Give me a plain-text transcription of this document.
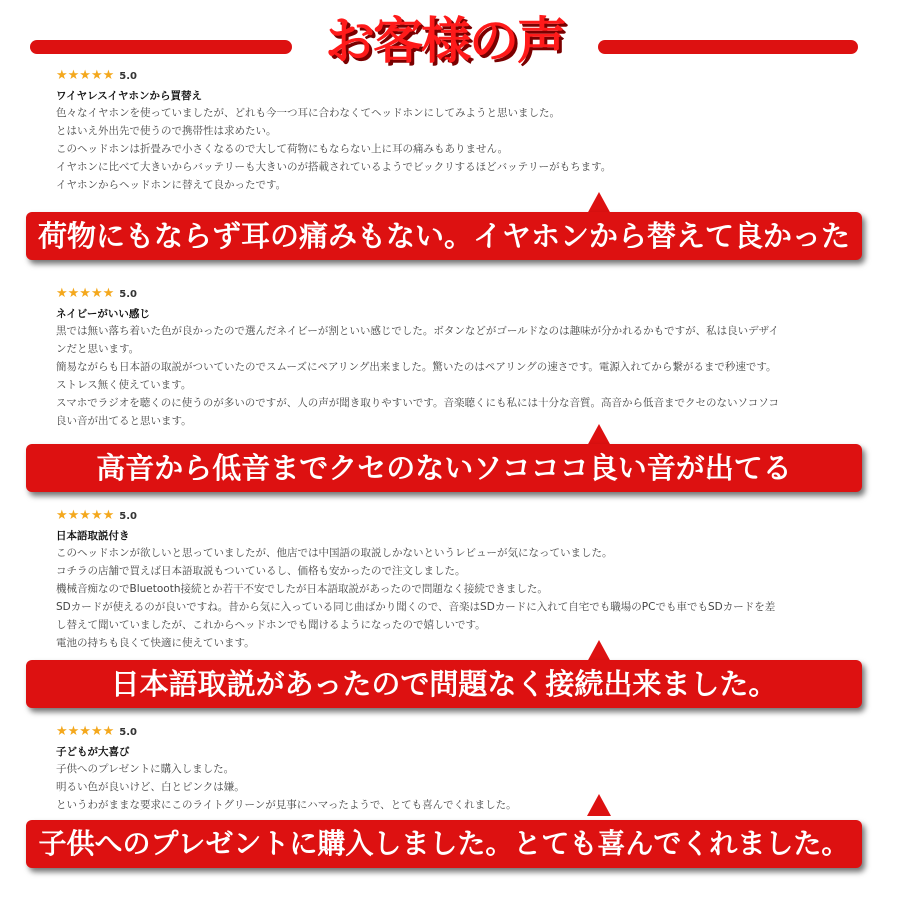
お客様の声
★★★★★ 5.0
ワイヤレスイヤホンから買替え
色々なイヤホンを使っていましたが、どれも今一つ耳に合わなくてヘッドホンにしてみようと思いました。
とはいえ外出先で使うので携帯性は求めたい。
このヘッドホンは折畳みで小さくなるので大して荷物にもならない上に耳の痛みもありません。
イヤホンに比べて大きいからバッテリーも大きいのが搭載されているようでビックリするほどバッテリーがもちます。
イヤホンからヘッドホンに替えて良かったです。
荷物にもならず耳の痛みもない。イヤホンから替えて良かった
★★★★★ 5.0
ネイビーがいい感じ
黒では無い落ち着いた色が良かったので選んだネイビーが割といい感じでした。ボタンなどがゴールドなのは趣味が分かれるかもですが、私は良いデザイ
ンだと思います。
簡易ながらも日本語の取説がついていたのでスムーズにペアリング出来ました。驚いたのはペアリングの速さです。電源入れてから繋がるまで秒速です。
ストレス無く使えています。
スマホでラジオを聴くのに使うのが多いのですが、人の声が聞き取りやすいです。音楽聴くにも私には十分な音質。高音から低音までクセのないソコソコ
良い音が出てると思います。
高音から低音までクセのないソコココ良い音が出てる
★★★★★ 5.0
日本語取説付き
このヘッドホンが欲しいと思っていましたが、他店では中国語の取説しかないというレビューが気になっていました。
コチラの店舗で買えば日本語取説もついているし、価格も安かったので注文しました。
機械音痴なのでBluetooth接続とか若干不安でしたが日本語取説があったので問題なく接続できました。
SDカードが使えるのが良いですね。昔から気に入っている同じ曲ばかり聞くので、音楽はSDカードに入れて自宅でも職場のPCでも車でもSDカードを差
し替えて聞いていましたが、これからヘッドホンでも聞けるようになったので嬉しいです。
電池の持ちも良くて快適に使えています。
日本語取説があったので問題なく接続出来ました。
★★★★★ 5.0
子どもが大喜び
子供へのプレゼントに購入しました。
明るい色が良いけど、白とピンクは嫌。
というわがままな要求にこのライトグリーンが見事にハマったようで、とても喜んでくれました。
子供へのプレゼントに購入しました。とても喜んでくれました。
